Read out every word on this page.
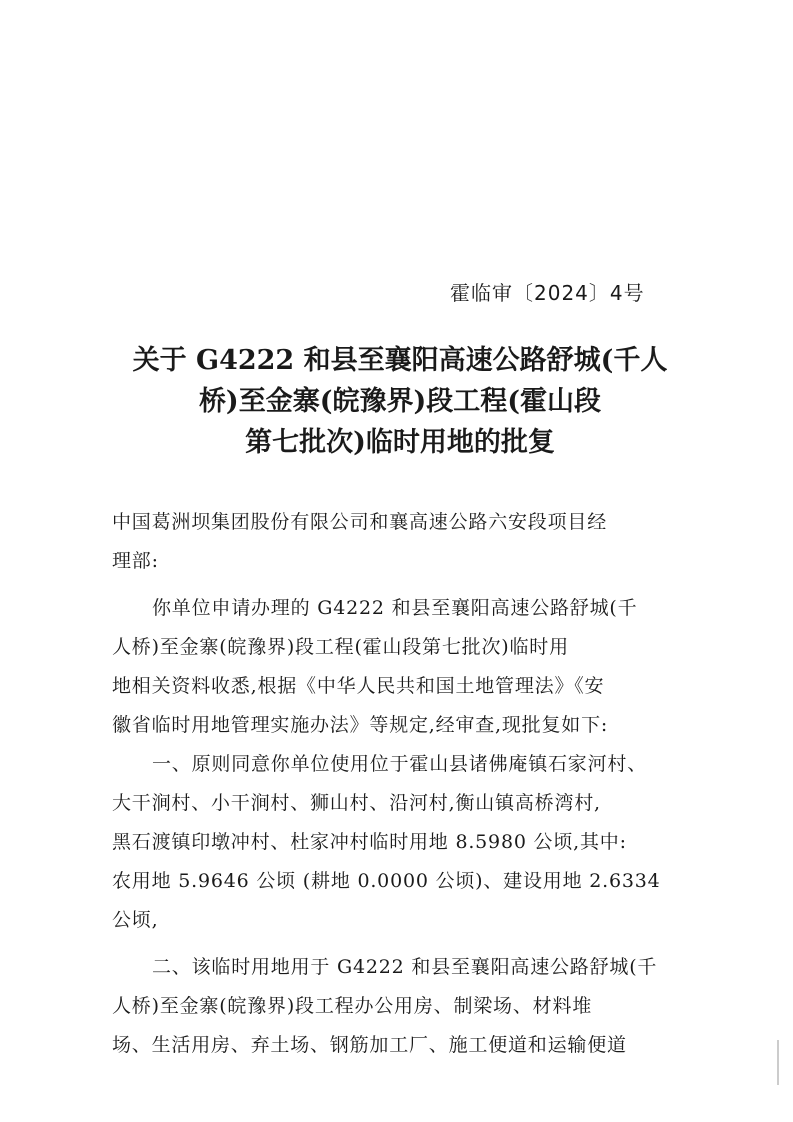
霍临审〔2024〕4号
关于 G4222 和县至襄阳高速公路舒城(千人
桥)至金寨(皖豫界)段工程(霍山段
第七批次)临时用地的批复
中国葛洲坝集团股份有限公司和襄高速公路六安段项目经
理部:
你单位申请办理的 G4222 和县至襄阳高速公路舒城(千
人桥)至金寨(皖豫界)段工程(霍山段第七批次)临时用
地相关资料收悉,根据《中华人民共和国土地管理法》《安
徽省临时用地管理实施办法》等规定,经审查,现批复如下:
一、原则同意你单位使用位于霍山县诸佛庵镇石家河村、
大干涧村、小干涧村、狮山村、沿河村,衡山镇高桥湾村,
黑石渡镇印墩冲村、杜家冲村临时用地 8.5980 公顷,其中:
农用地 5.9646 公顷 (耕地 0.0000 公顷)、建设用地 2.6334
公顷,
二、该临时用地用于 G4222 和县至襄阳高速公路舒城(千
人桥)至金寨(皖豫界)段工程办公用房、制梁场、材料堆
场、生活用房、弃土场、钢筋加工厂、施工便道和运输便道
